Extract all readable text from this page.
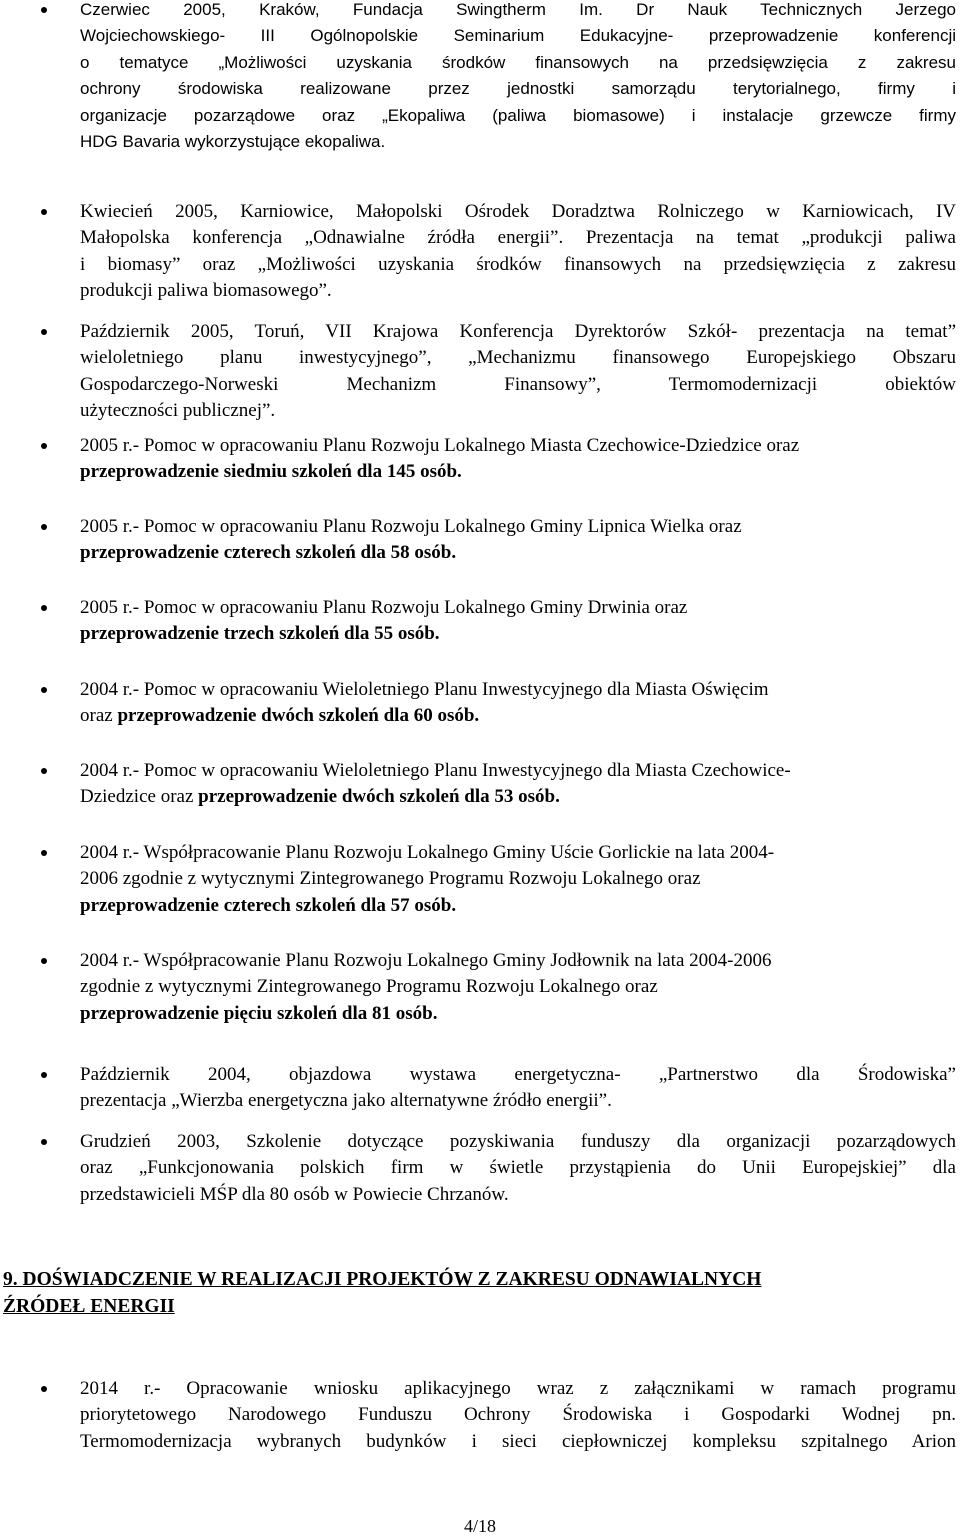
Czerwiec 2005, Kraków, Fundacja Swingtherm Im. Dr Nauk Technicznych Jerzego
Wojciechowskiego- III Ogólnopolskie Seminarium Edukacyjne- przeprowadzenie konferencji
o tematyce „Możliwości uzyskania środków finansowych na przedsięwzięcia z zakresu
ochrony środowiska realizowane przez jednostki samorządu terytorialnego, firmy i
organizacje pozarządowe oraz „Ekopaliwa (paliwa biomasowe) i instalacje grzewcze firmy
HDG Bavaria wykorzystujące ekopaliwa.
Kwiecień 2005, Karniowice, Małopolski Ośrodek Doradztwa Rolniczego w Karniowicach, IV
Małopolska konferencja „Odnawialne źródła energii”. Prezentacja na temat „produkcji paliwa
i biomasy” oraz „Możliwości uzyskania środków finansowych na przedsięwzięcia z zakresu
produkcji paliwa biomasowego”.
Październik 2005, Toruń, VII Krajowa Konferencja Dyrektorów Szkół- prezentacja na temat”
wieloletniego planu inwestycyjnego”, „Mechanizmu finansowego Europejskiego Obszaru
Gospodarczego-Norweski Mechanizm Finansowy”, Termomodernizacji obiektów
użyteczności publicznej”.
2005 r.- Pomoc w opracowaniu Planu Rozwoju Lokalnego Miasta Czechowice-Dziedzice oraz
przeprowadzenie siedmiu szkoleń dla 145 osób.
2005 r.- Pomoc w opracowaniu Planu Rozwoju Lokalnego Gminy Lipnica Wielka oraz
przeprowadzenie czterech szkoleń dla 58 osób.
2005 r.- Pomoc w opracowaniu Planu Rozwoju Lokalnego Gminy Drwinia oraz
przeprowadzenie trzech szkoleń dla 55 osób.
2004 r.- Pomoc w opracowaniu Wieloletniego Planu Inwestycyjnego dla Miasta Oświęcim
oraz przeprowadzenie dwóch szkoleń dla 60 osób.
2004 r.- Pomoc w opracowaniu Wieloletniego Planu Inwestycyjnego dla Miasta Czechowice-
Dziedzice oraz przeprowadzenie dwóch szkoleń dla 53 osób.
2004 r.- Współpracowanie Planu Rozwoju Lokalnego Gminy Uście Gorlickie na lata 2004-
2006 zgodnie z wytycznymi Zintegrowanego Programu Rozwoju Lokalnego oraz
przeprowadzenie czterech szkoleń dla 57 osób.
2004 r.- Współpracowanie Planu Rozwoju Lokalnego Gminy Jodłownik na lata 2004-2006
zgodnie z wytycznymi Zintegrowanego Programu Rozwoju Lokalnego oraz
przeprowadzenie pięciu szkoleń dla 81 osób.
Październik 2004, objazdowa wystawa energetyczna- „Partnerstwo dla Środowiska”
prezentacja „Wierzba energetyczna jako alternatywne źródło energii”.
Grudzień 2003, Szkolenie dotyczące pozyskiwania funduszy dla organizacji pozarządowych
oraz „Funkcjonowania polskich firm w świetle przystąpienia do Unii Europejskiej” dla
przedstawicieli MŚP dla 80 osób w Powiecie Chrzanów.
9. DOŚWIADCZENIE W REALIZACJI PROJEKTÓW Z ZAKRESU ODNAWIALNYCH
ŹRÓDEŁ ENERGII
2014 r.- Opracowanie wniosku aplikacyjnego wraz z załącznikami w ramach programu
priorytetowego Narodowego Funduszu Ochrony Środowiska i Gospodarki Wodnej pn.
Termomodernizacja wybranych budynków i sieci ciepłowniczej kompleksu szpitalnego Arion
4/18
